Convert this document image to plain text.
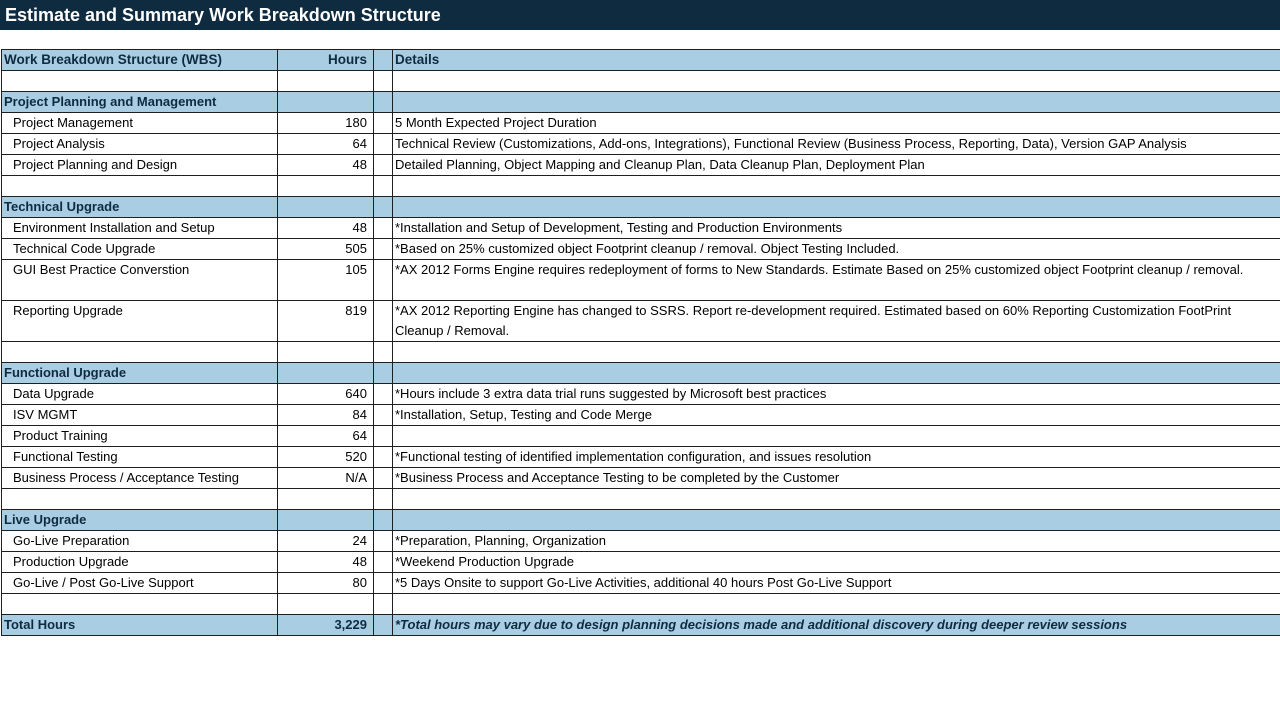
Estimate and Summary Work Breakdown Structure
Work Breakdown Structure (WBS)	Hours		Details

Project Planning and Management			
Project Management	180		5 Month Expected Project Duration
Project Analysis	64		Technical Review (Customizations, Add-ons, Integrations), Functional Review (Business Process, Reporting, Data), Version GAP Analysis
Project Planning and Design	48		Detailed Planning, Object Mapping and Cleanup Plan, Data Cleanup Plan, Deployment Plan

Technical Upgrade			
Environment Installation and Setup	48		*Installation and Setup of Development, Testing and Production Environments
Technical Code Upgrade	505		*Based on 25% customized object Footprint cleanup / removal. Object Testing Included.
GUI Best Practice Converstion	105		*AX 2012 Forms Engine requires redeployment of forms to New Standards. Estimate Based on 25% customized object Footprint cleanup / removal.
Reporting Upgrade	819		*AX 2012 Reporting Engine has changed to SSRS. Report re-development required. Estimated based on 60% Reporting Customization FootPrint Cleanup / Removal.

Functional Upgrade			
Data Upgrade	640		*Hours include 3 extra data trial runs suggested by Microsoft best practices
ISV MGMT	84		*Installation, Setup, Testing and Code Merge
Product Training	64		
Functional Testing	520		*Functional testing of identified implementation configuration, and issues resolution
Business Process / Acceptance Testing	N/A		*Business Process and Acceptance Testing to be completed by the Customer

Live Upgrade			
Go-Live Preparation	24		*Preparation, Planning, Organization
Production Upgrade	48		*Weekend Production Upgrade
Go-Live / Post Go-Live Support	80		*5 Days Onsite to support Go-Live Activities, additional 40 hours Post Go-Live Support

Total Hours	3,229		*Total hours may vary due to design planning decisions made and additional discovery during deeper review sessions
